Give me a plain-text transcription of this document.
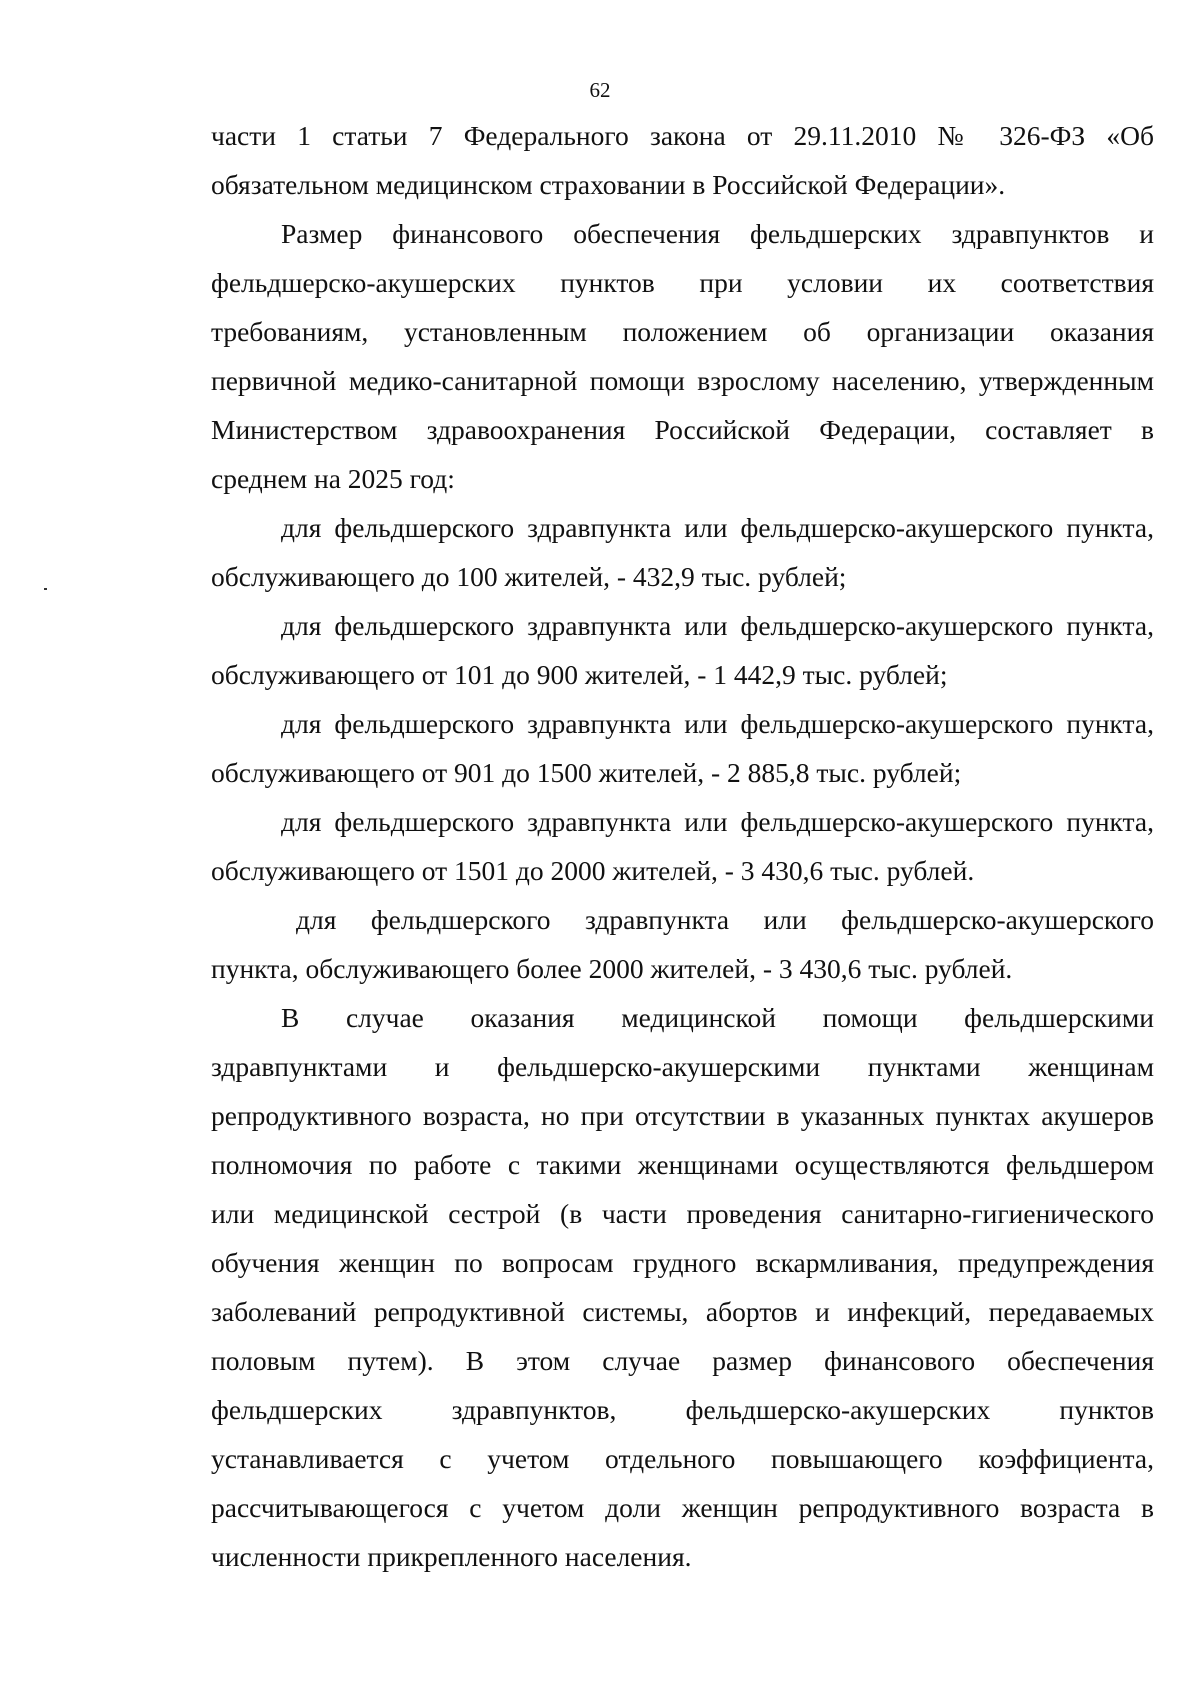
62
части 1 статьи 7 Федерального закона от 29.11.2010 № 326-ФЗ «Об
обязательном медицинском страховании в Российской Федерации».
Размер финансового обеспечения фельдшерских здравпунктов и
фельдшерско-акушерских пунктов при условии их соответствия
требованиям, установленным положением об организации оказания
первичной медико-санитарной помощи взрослому населению, утвержденным
Министерством здравоохранения Российской Федерации, составляет в
среднем на 2025 год:
для фельдшерского здравпункта или фельдшерско-акушерского пункта,
обслуживающего до 100 жителей, - 432,9 тыс. рублей;
для фельдшерского здравпункта или фельдшерско-акушерского пункта,
обслуживающего от 101 до 900 жителей, - 1 442,9 тыс. рублей;
для фельдшерского здравпункта или фельдшерско-акушерского пункта,
обслуживающего от 901 до 1500 жителей, - 2 885,8 тыс. рублей;
для фельдшерского здравпункта или фельдшерско-акушерского пункта,
обслуживающего от 1501 до 2000 жителей, - 3 430,6 тыс. рублей.
для фельдшерского здравпункта или фельдшерско-акушерского
пункта, обслуживающего более 2000 жителей, - 3 430,6 тыс. рублей.
В случае оказания медицинской помощи фельдшерскими
здравпунктами и фельдшерско-акушерскими пунктами женщинам
репродуктивного возраста, но при отсутствии в указанных пунктах акушеров
полномочия по работе с такими женщинами осуществляются фельдшером
или медицинской сестрой (в части проведения санитарно-гигиенического
обучения женщин по вопросам грудного вскармливания, предупреждения
заболеваний репродуктивной системы, абортов и инфекций, передаваемых
половым путем). В этом случае размер финансового обеспечения
фельдшерских здравпунктов, фельдшерско-акушерских пунктов
устанавливается с учетом отдельного повышающего коэффициента,
рассчитывающегося с учетом доли женщин репродуктивного возраста в
численности прикрепленного населения.
